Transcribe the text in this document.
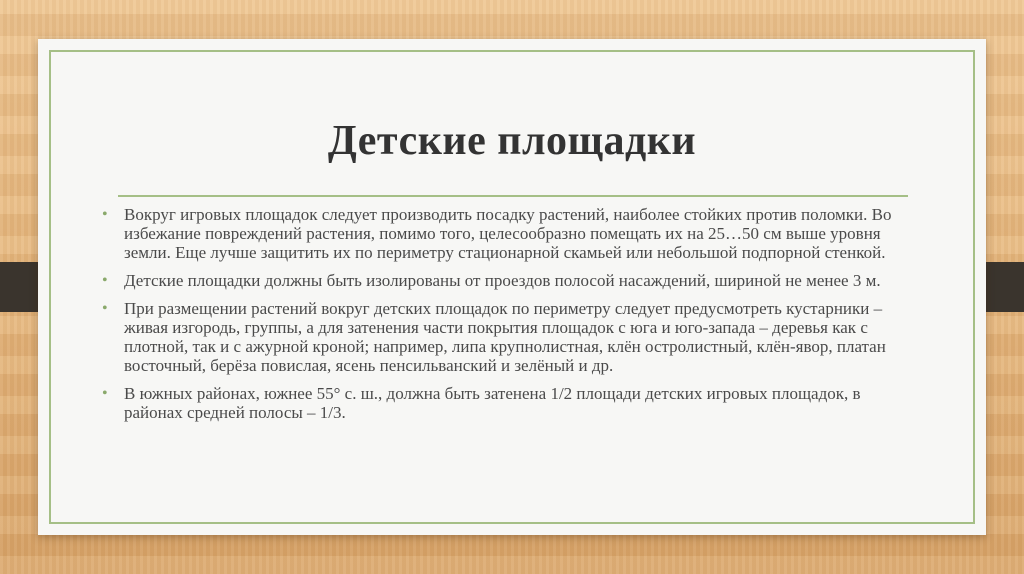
Детские площадки
• Вокруг игровых площадок следует производить посадку растений, наиболее стойких против поломки. Во избежание повреждений растения, помимо того, целесообразно помещать их на 25…50 см выше уровня земли. Еще лучше защитить их по периметру стационарной скамьей или небольшой подпорной стенкой.
• Детские площадки должны быть изолированы от проездов полосой насаждений, шириной не менее 3 м.
• При размещении растений вокруг детских площадок по периметру следует предусмотреть кустарники – живая изгородь, группы, а для затенения части покрытия площадок с юга и юго-запада – деревья как с плотной, так и с ажурной кроной; например, липа крупнолистная, клён остролистный, клён-явор, платан восточный, берёза повислая, ясень пенсильванский и зелёный и др.
• В южных районах, южнее 55° с. ш., должна быть затенена 1/2 площади детских игровых площадок, в районах средней полосы – 1/3.
